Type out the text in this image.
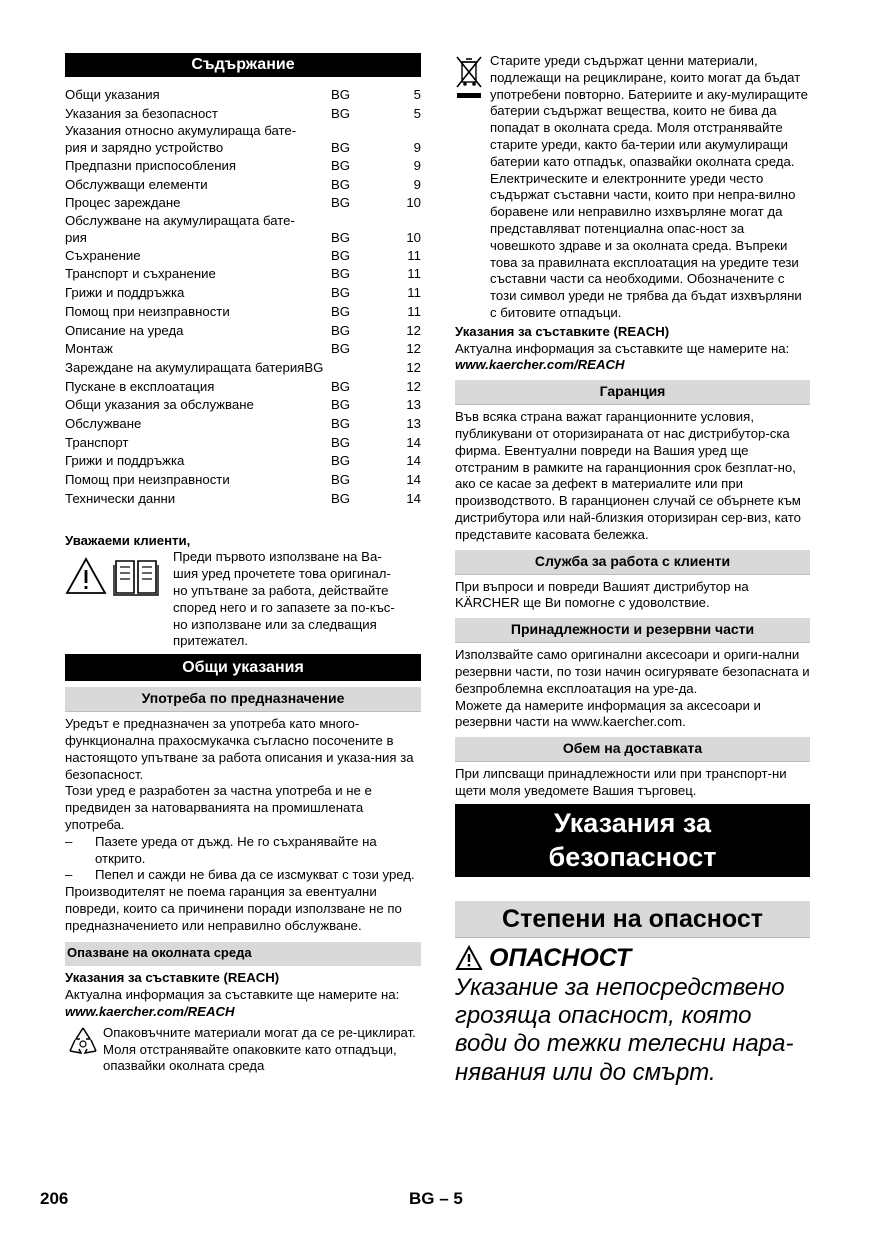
Съдържание
Общи указания	BG	5
Указания за безопасност	BG	5
Указания относно акумулираща бате-
рия и зарядно устройство	BG	9
Предпазни приспособления	BG	9
Обслужващи елементи	BG	9
Процес зареждане	BG	10
Обслужване на акумулиращата бате-
рия	BG	10
Съхранение	BG	11
Транспорт и съхранение	BG	11
Грижи и поддръжка	BG	11
Помощ при неизправности	BG	11
Описание на уреда	BG	12
Монтаж	BG	12
Зареждане на акумулиращата батерия BG	12
Пускане в експлоатация	BG	12
Общи указания за обслужване	BG	13
Обслужване	BG	13
Транспорт	BG	14
Грижи и поддръжка	BG	14
Помощ при неизправности	BG	14
Технически данни	BG	14

Уважаеми клиенти,

Преди първото използване на Ва-
шия уред прочетете това оригинал-
но упътване за работа, действайте
според него и го запазете за по-къс-
но използване или за следващия
притежател.

Общи указания
Употреба по предназначение

Уредът е предназначен за употреба като много-функционална прахосмукачка съгласно посочените в настоящото упътване за работа описания и указа-ния за безопасност.

Този уред е разработен за частна употреба и не е предвиден за натоварванията на промишлената употреба.

– Пазете уреда от дъжд. Не го съхранявайте на открито.
– Пепел и сажди не бива да се изсмукват с този уред.

Производителят не поема гаранция за евентуални повреди, които са причинени поради използване не по предназначението или неправилно обслужване.

Опазване на околната среда

Указания за съставките (REACH)

Актуална информация за съставките ще намерите на:

www.kaercher.com/REACH

Опаковъчните материали могат да се ре-циклират. Моля отстранявайте опаковките като отпадъци, опазвайки околната среда

Старите уреди съдържат ценни материали, подлежащи на рециклиране, които могат да бъдат употребени повторно. Батериите и аку-мулиращите батерии съдържат вещества, които не бива да попадат в околната среда. Моля отстранявайте старите уреди, както ба-терии или акумулиращи батерии като отпадък, опазвайки околната среда.

Електрическите и електронните уреди често съдържат съставни части, които при непра-вилно боравене или неправилно изхвърляне могат да представляват потенциална опас-ност за човешкото здраве и за околната среда. Въпреки това за правилната експлоатация на уредите тези съставни части са необходими. Обозначените с този символ уреди не трябва да бъдат изхвърляни с битовите отпадъци.

Указания за съставките (REACH)

Актуална информация за съставките ще намерите на:

www.kaercher.com/REACH

Гаранция

Във всяка страна важат гаранционните условия, публикувани от оторизираната от нас дистрибутор-ска фирма. Евентуални повреди на Вашия уред ще отстраним в рамките на гаранционния срок безплат-но, ако се касае за дефект в материалите или при производството. В гаранционен случай се обърнете към дистрибутора или най-близкия оторизиран сер-виз, като представите касовата бележка.

Служба за работа с клиенти

При въпроси и повреди Вашият дистрибутор на KÄRCHER ще Ви помогне с удоволствие.

Принадлежности и резервни части

Използвайте само оригинални аксесоари и ориги-нални резервни части, по този начин осигурявате безопасната и безпроблемна експлоатация на уре-да.

Можете да намерите информация за аксесоари и резервни части на www.kaercher.com.

Обем на доставката

При липсващи принадлежности или при транспорт-ни щети моля уведомете Вашия търговец.

Указания за
безопасност
Степени на опасност
ОПАСНОСТ

Указание за непосредствено
грозяща опасност, която
води до тежки телесни нара-
нявания или до смърт.

206	BG – 5
